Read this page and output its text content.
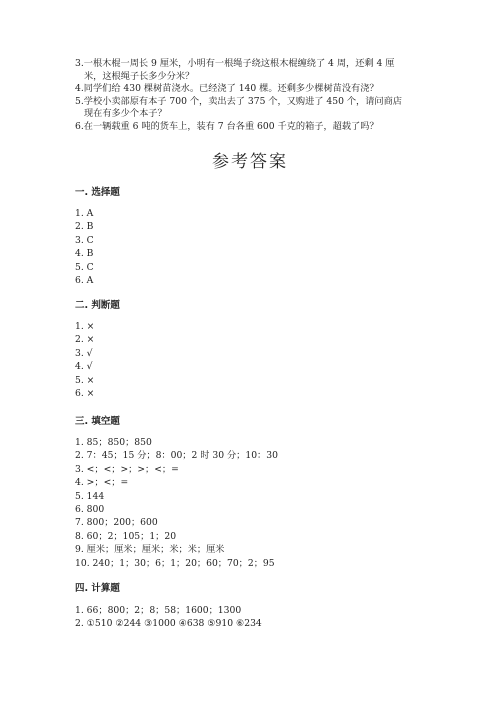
3.一根木棍一周长 9 厘米，小明有一根绳子绕这根木棍缠绕了 4 周，还剩 4 厘

米，这根绳子长多少分米？

4.同学们给 430 棵树苗浇水。已经浇了 140 棵。还剩多少棵树苗没有浇？

5.学校小卖部原有本子 700 个，卖出去了 375 个，又购进了 450 个，请问商店

现在有多少个本子？

6.在一辆载重 6 吨的货车上，装有 7 台各重 600 千克的箱子，超载了吗？

参考答案
一. 选择题
1. A
2. B
3. C
4. B
5. C
6. A
二. 判断题
1. ×
2. ×
3. √
4. √
5. ×
6. ×
三. 填空题
1. 85；850；850
2. 7：45；15 分；8：00；2 时 30 分；10：30
3. <；<；>；>；<；=
4. >；<；=
5. 144
6. 800
7. 800；200；600
8. 60；2；105；1；20
9. 厘米；厘米；厘米；米；米；厘米
10. 240；1；30；6；1；20；60；70；2；95
四. 计算题
1. 66；800；2；8；58；1600；1300
2. ①510 ②244 ③1000 ④638 ⑤910 ⑥234
